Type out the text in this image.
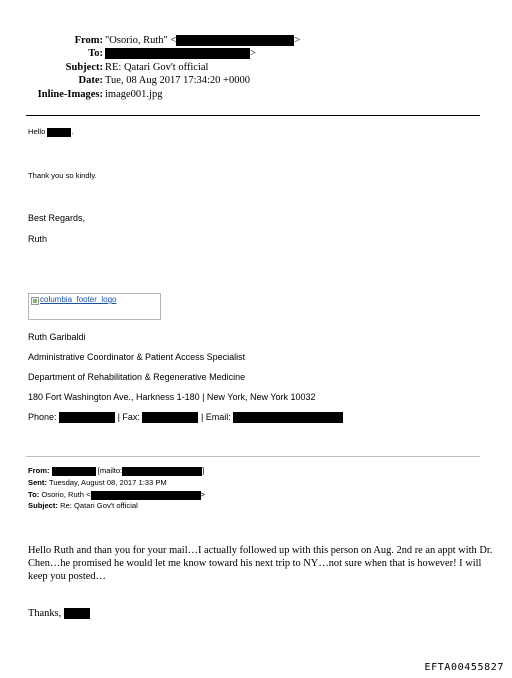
From: "Osorio, Ruth" <	>
To:	>
Subject: RE: Qatari Gov't official
Date: Tue, 08 Aug 2017 17:34:20 +0000
Inline-Images: image001.jpg
Hello	.
Thank you so kindly.
Best Regards,
Ruth
columbia_footer_logo
Ruth Garibaldi
Administrative Coordinator & Patient Access Specialist
Department of Rehabilitation & Regenerative Medicine
180 Fort Washington Ave., Harkness 1-180 | New York, New York 10032
Phone:	| Fax:	| Email:
From:	[mailto:	]
Sent: Tuesday, August 08, 2017 1:33 PM
To: Osorio, Ruth <	>
Subject: Re: Qatari Gov't official
Hello Ruth and than you for your mail…I actually followed up with this person on Aug. 2nd re an appt with Dr.
Chen…he promised he would let me know toward his next trip to NY…not sure when that is however! I will
keep you posted…
Thanks,
EFTA00455827
